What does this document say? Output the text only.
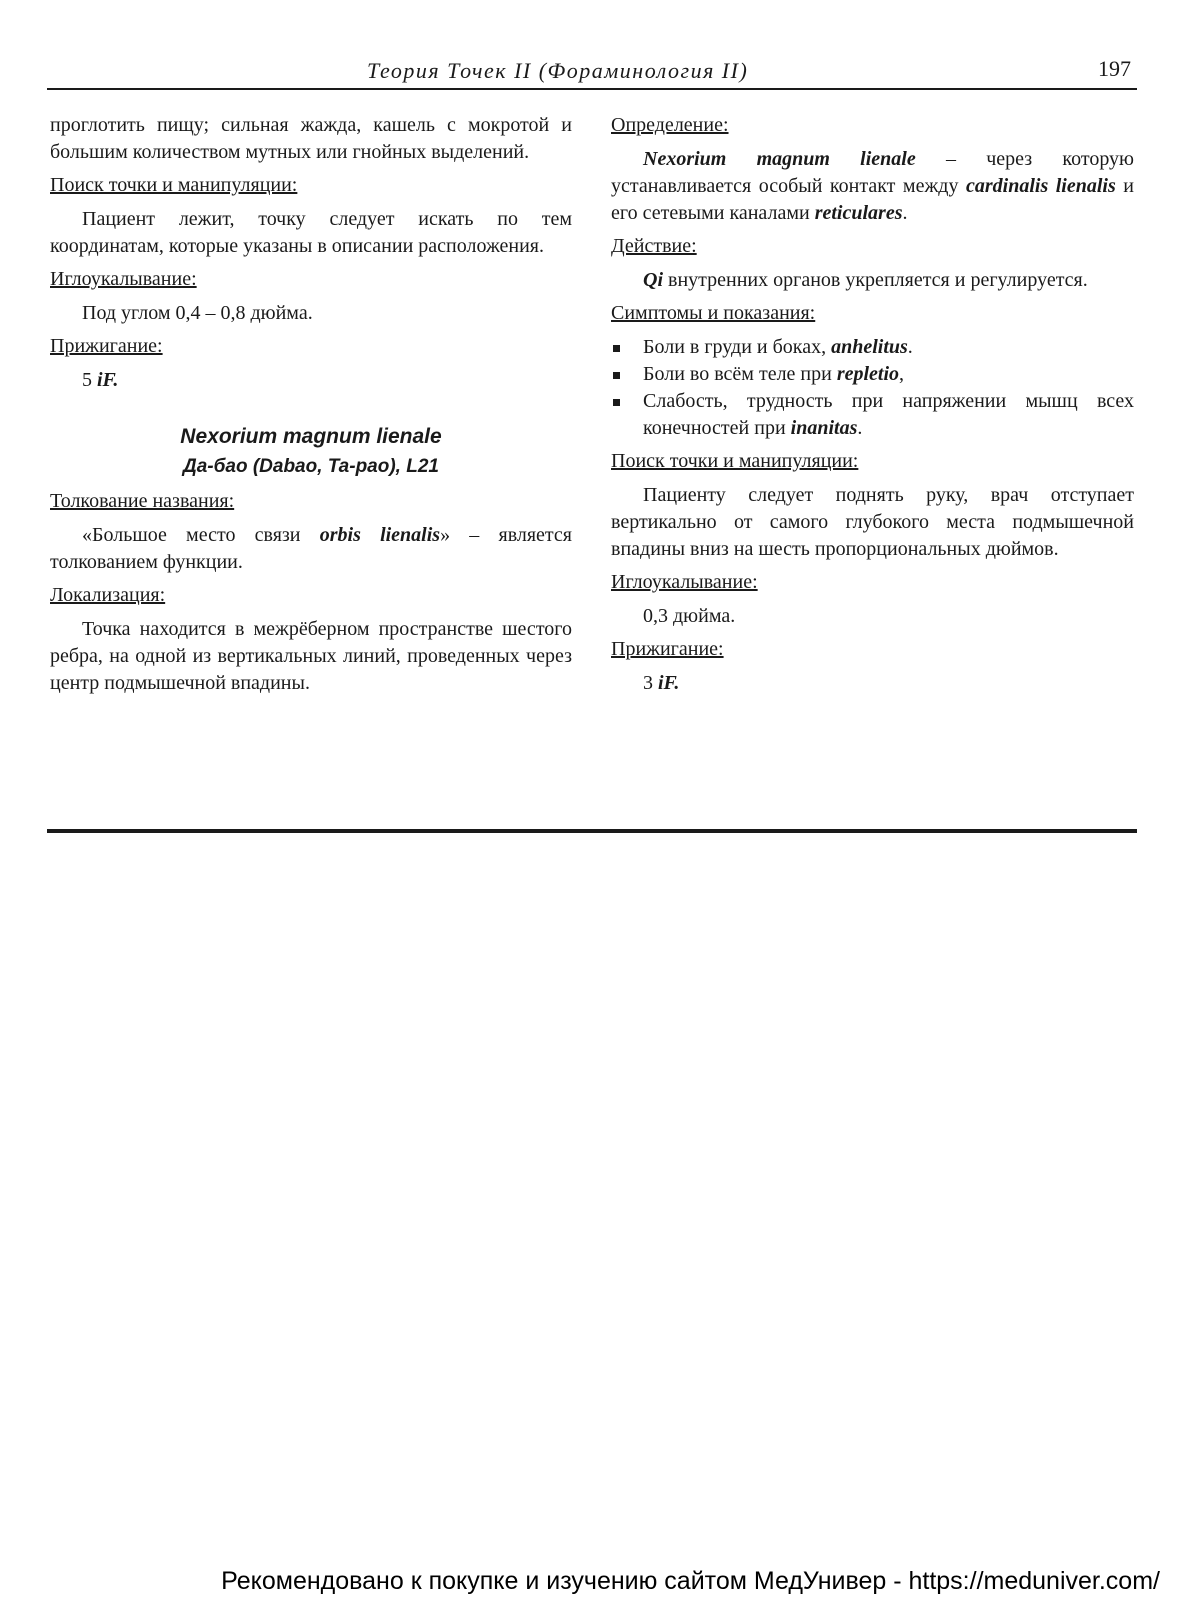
Теория Точек II (Фораминология II)	197

проглотить пищу; сильная жажда, кашель с мокротой и большим количеством мутных или гнойных выделений.

Поиск точки и манипуляции:

Пациент лежит, точку следует искать по тем координатам, которые указаны в описании расположения.

Иглоукалывание:

Под углом 0,4 – 0,8 дюйма.

Прижигание:

5 iF.

Nexorium magnum lienale
Да-бао (Dabao, Ta-pao), L21
Толкование названия:

«Большое место связи orbis lienalis» – является толкованием функции.

Локализация:

Точка находится в межрёберном пространстве шестого ребра, на одной из вертикальных линий, проведенных через центр подмышечной впадины.

Определение:

Nexorium magnum lienale – через которую устанавливается особый контакт между cardinalis lienalis и его сетевыми каналами reticulares.

Действие:

Qi внутренних органов укрепляется и регулируется.

Симптомы и показания:
Боли в груди и боках, anhelitus.
Боли во всём теле при repletio,
Слабость, трудность при напряжении мышц всех конечностей при inanitas.
Поиск точки и манипуляции:

Пациенту следует поднять руку, врач отступает вертикально от самого глубокого места подмышечной впадины вниз на шесть пропорциональных дюймов.

Иглоукалывание:

0,3 дюйма.

Прижигание:

3 iF.

Рекомендовано к покупке и изучению сайтом МедУнивер - https://meduniver.com/
